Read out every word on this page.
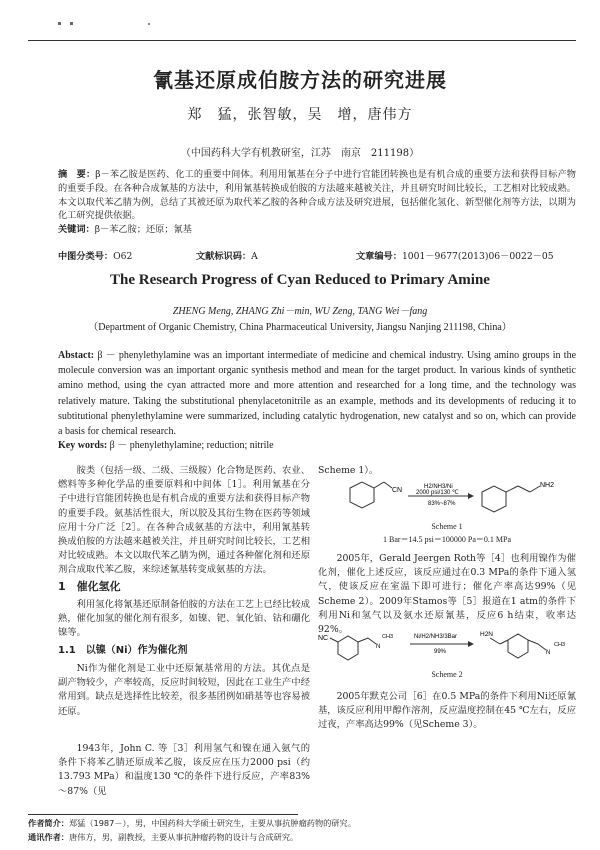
氰基还原成伯胺方法的研究进展
郑　猛，张智敏，吴　增，唐伟方
（中国药科大学有机教研室，江苏　南京　211198）
摘　要：β－苯乙胺是医药、化工的重要中间体。利用用氰基在分子中进行官能团转换也是有机合成的重要方法和获得目标产物的重要手段。在各种合成氰基的方法中，利用氰基转换成伯胺的方法越来越被关注，并且研究时间比较长，工艺相对比较成熟。本文以取代苯乙腈为例，总结了其被还原为取代苯乙胺的各种合成方法及研究进展，包括催化氢化、新型催化剂等方法，以期为化工研究提供依据。
关键词：β－苯乙胺；还原；氰基
中图分类号：O62	文献标识码：A	文章编号：1001－9677(2013)06－0022－05
The Research Progress of Cyan Reduced to Primary Amine
ZHENG Meng, ZHANG Zhi－min, WU Zeng, TANG Wei－fang
（Department of Organic Chemistry, China Pharmaceutical University, Jiangsu Nanjing 211198, China）
Abstact: β － phenylethylamine was an important intermediate of medicine and chemical industry. Using amino groups in the molecule conversion was an important organic synthesis method and mean for the target product. In various kinds of synthetic amino method, using the cyan attracted more and more attention and researched for a long time, and the technology was relatively mature. Taking the substitutional phenylacetonitrile as an example, methods and its developments of reducing it to subtitutional phenylethylamine were summarized, including catalytic hydrogenation, new catalyst and so on, which can provide a basis for chemical research.
Key words: β － phenylethylamine; reduction; nitrile
胺类（包括一级、二级、三级胺）化合物是医药、农业、燃料等多种化学品的重要原料和中间体［1］。利用氰基在分子中进行官能团转换也是有机合成的重要方法和获得目标产物的重要手段。氨基活性很大，所以胶及其衍生物在医药等领域应用十分广泛［2］。在各种合成氨基的方法中，利用氰基转换成伯胺的方法越来越被关注，并且研究时间比较长，工艺相对比较成熟。本文以取代苯乙腈为例，通过各种催化剂和还原剂合成取代苯乙胺，来综述氰基转变成氨基的方法。
1　催化氢化
利用氢化将氰基还原制备伯胺的方法在工艺上已经比较成熟，催化加氢的催化剂有很多，如镍、钯、氧化铂、钴和硼化镍等。
1.1　以镍（Ni）作为催化剂
Ni作为催化剂是工业中还原氰基常用的方法。其优点是副产物较少，产率较高，反应时间较短，因此在工业生产中经常用到。缺点是选择性比较差，很多基团例如硝基等也容易被还原。
1943年，John C. 等［3］利用氢气和镍在通入氨气的条件下将苯乙腈还原成苯乙胺，该反应在压力2000 psi（约13.793 MPa）和温度130 ℃的条件下进行反应，产率83%～87%（见
Scheme 1）。
CN	H2/NH3/Ni
2000 psi/130 ℃
83%~87%
NH2
Scheme 1
1 Bar＝14.5 psi＝100000 Pa＝0.1 MPa
2005年，Gerald Jeergen Roth等［4］也利用镍作为催化剂，催化上述反应，该反应通过在0.3 MPa的条件下通入氢气，使该反应在室温下即可进行；催化产率高达99%（见Scheme 2）。2009年Stamos等［5］报道在1 atm的条件下利用Ni和氢气以及氨水还原氰基，反应6 h结束，收率达92%。
NC
N
CH3	Ni/H2/NH3/3Bar
99%
H2N
N
CH3
Scheme 2
2005年默克公司［6］在0.5 MPa的条件下利用Ni还原氰基，该反应利用甲醇作溶剂，反应温度控制在45 ℃左右，反应过夜，产率高达99%（见Scheme 3）。
作者简介：郑猛（1987－），男，中国药科大学硕士研究生，主要从事抗肿瘤药物的研究。
通讯作者：唐伟方，男，副教授，主要从事抗肿瘤药物的设计与合成研究。
